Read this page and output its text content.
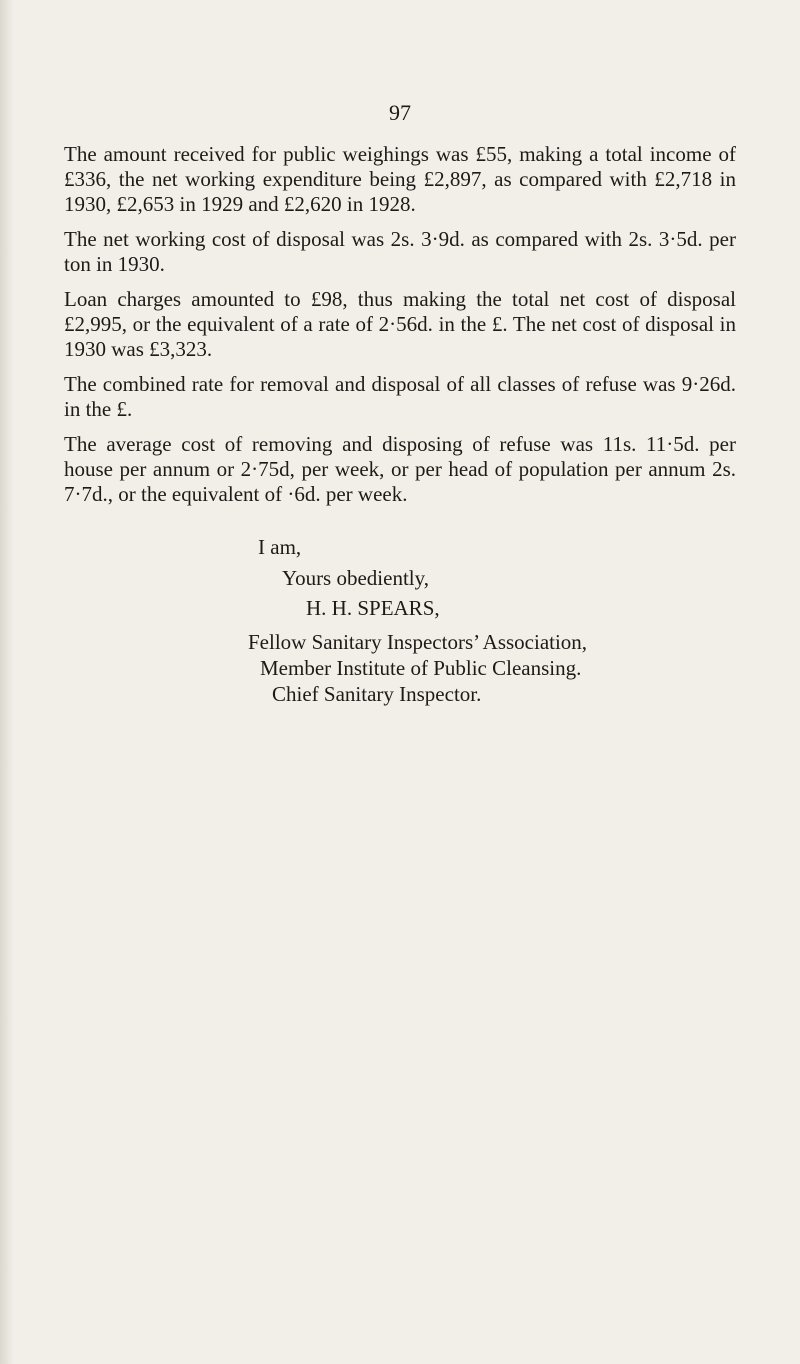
97

The amount received for public weighings was £55, making a total income of £336, the net working expenditure being £2,897, as compared with £2,718 in 1930, £2,653 in 1929 and £2,620 in 1928.

The net working cost of disposal was 2s. 3·9d. as compared with 2s. 3·5d. per ton in 1930.

Loan charges amounted to £98, thus making the total net cost of disposal £2,995, or the equivalent of a rate of 2·56d. in the £. The net cost of disposal in 1930 was £3,323.

The combined rate for removal and disposal of all classes of refuse was 9·26d. in the £.

The average cost of removing and disposing of refuse was 11s. 11·5d. per house per annum or 2·75d, per week, or per head of population per annum 2s. 7·7d., or the equivalent of ·6d. per week.

I am,
Yours obediently,
H. H. SPEARS,
Fellow Sanitary Inspectors’ Association,
Member Institute of Public Cleansing.
Chief Sanitary Inspector.
